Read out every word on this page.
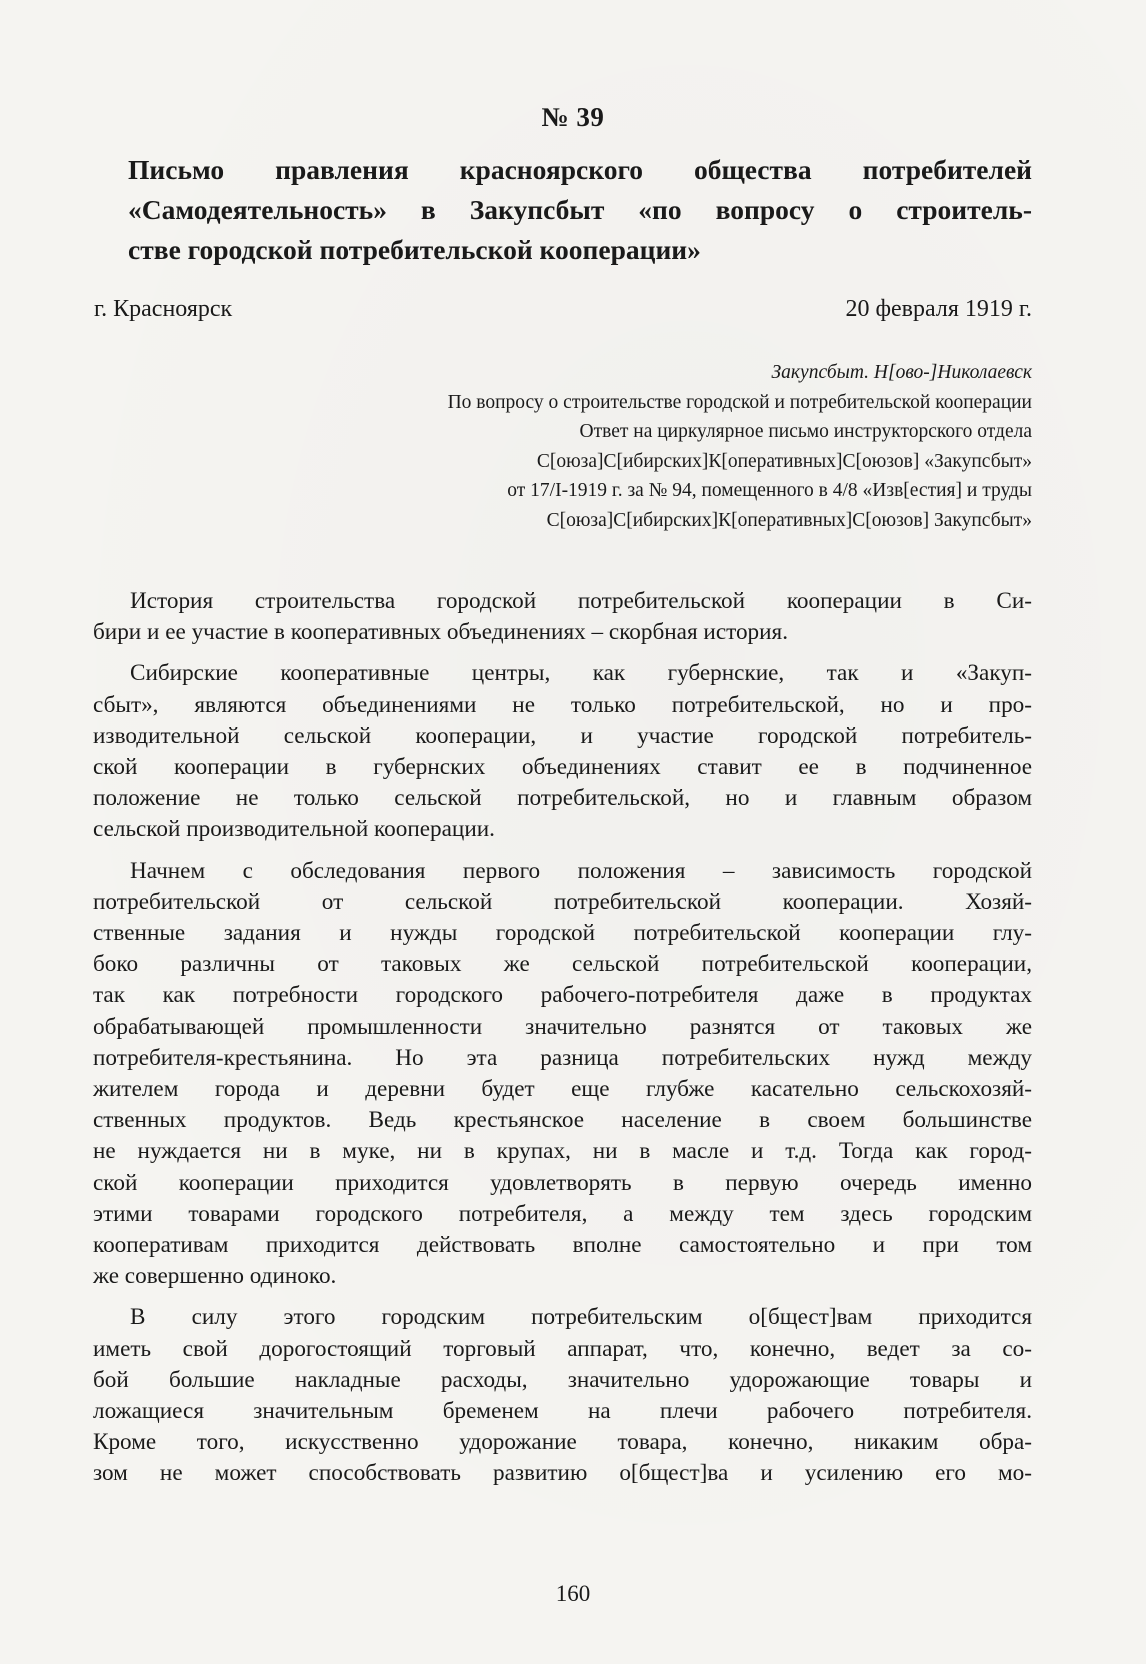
№ 39
Письмо правления красноярского общества потребителей
«Самодеятельность» в Закупсбыт «по вопросу о строитель-
стве городской потребительской кооперации»
г. Красноярск	20 февраля 1919 г.
Закупсбыт. Н[ово-]Николаевск
По вопросу о строительстве городской и потребительской кооперации
Ответ на циркулярное письмо инструкторского отдела
С[оюза]С[ибирских]К[оперативных]С[оюзов] «Закупсбыт»
от 17/I-1919 г. за № 94, помещенного в 4/8 «Изв[естия] и труды
С[оюза]С[ибирских]К[оперативных]С[оюзов] Закупсбыт»

История строительства городской потребительской кооперации в Си-
бири и ее участие в кооперативных объединениях – скорбная история.

Сибирские кооперативные центры, как губернские, так и «Закуп-
сбыт», являются объединениями не только потребительской, но и про-
изводительной сельской кооперации, и участие городской потребитель-
ской кооперации в губернских объединениях ставит ее в подчиненное
положение не только сельской потребительской, но и главным образом
сельской производительной кооперации.

Начнем с обследования первого положения – зависимость городской
потребительской от сельской потребительской кооперации. Хозяй-
ственные задания и нужды городской потребительской кооперации глу-
боко различны от таковых же сельской потребительской кооперации,
так как потребности городского рабочего-потребителя даже в продуктах
обрабатывающей промышленности значительно разнятся от таковых же
потребителя-крестьянина. Но эта разница потребительских нужд между
жителем города и деревни будет еще глубже касательно сельскохозяй-
ственных продуктов. Ведь крестьянское население в своем большинстве
не нуждается ни в муке, ни в крупах, ни в масле и т.д. Тогда как город-
ской кооперации приходится удовлетворять в первую очередь именно
этими товарами городского потребителя, а между тем здесь городским
кооперативам приходится действовать вполне самостоятельно и при том
же совершенно одиноко.

В силу этого городским потребительским о[бщест]вам приходится
иметь свой дорогостоящий торговый аппарат, что, конечно, ведет за со-
бой большие накладные расходы, значительно удорожающие товары и
ложащиеся значительным бременем на плечи рабочего потребителя.
Кроме того, искусственно удорожание товара, конечно, никаким обра-
зом не может способствовать развитию о[бщест]ва и усилению его мо-

160
